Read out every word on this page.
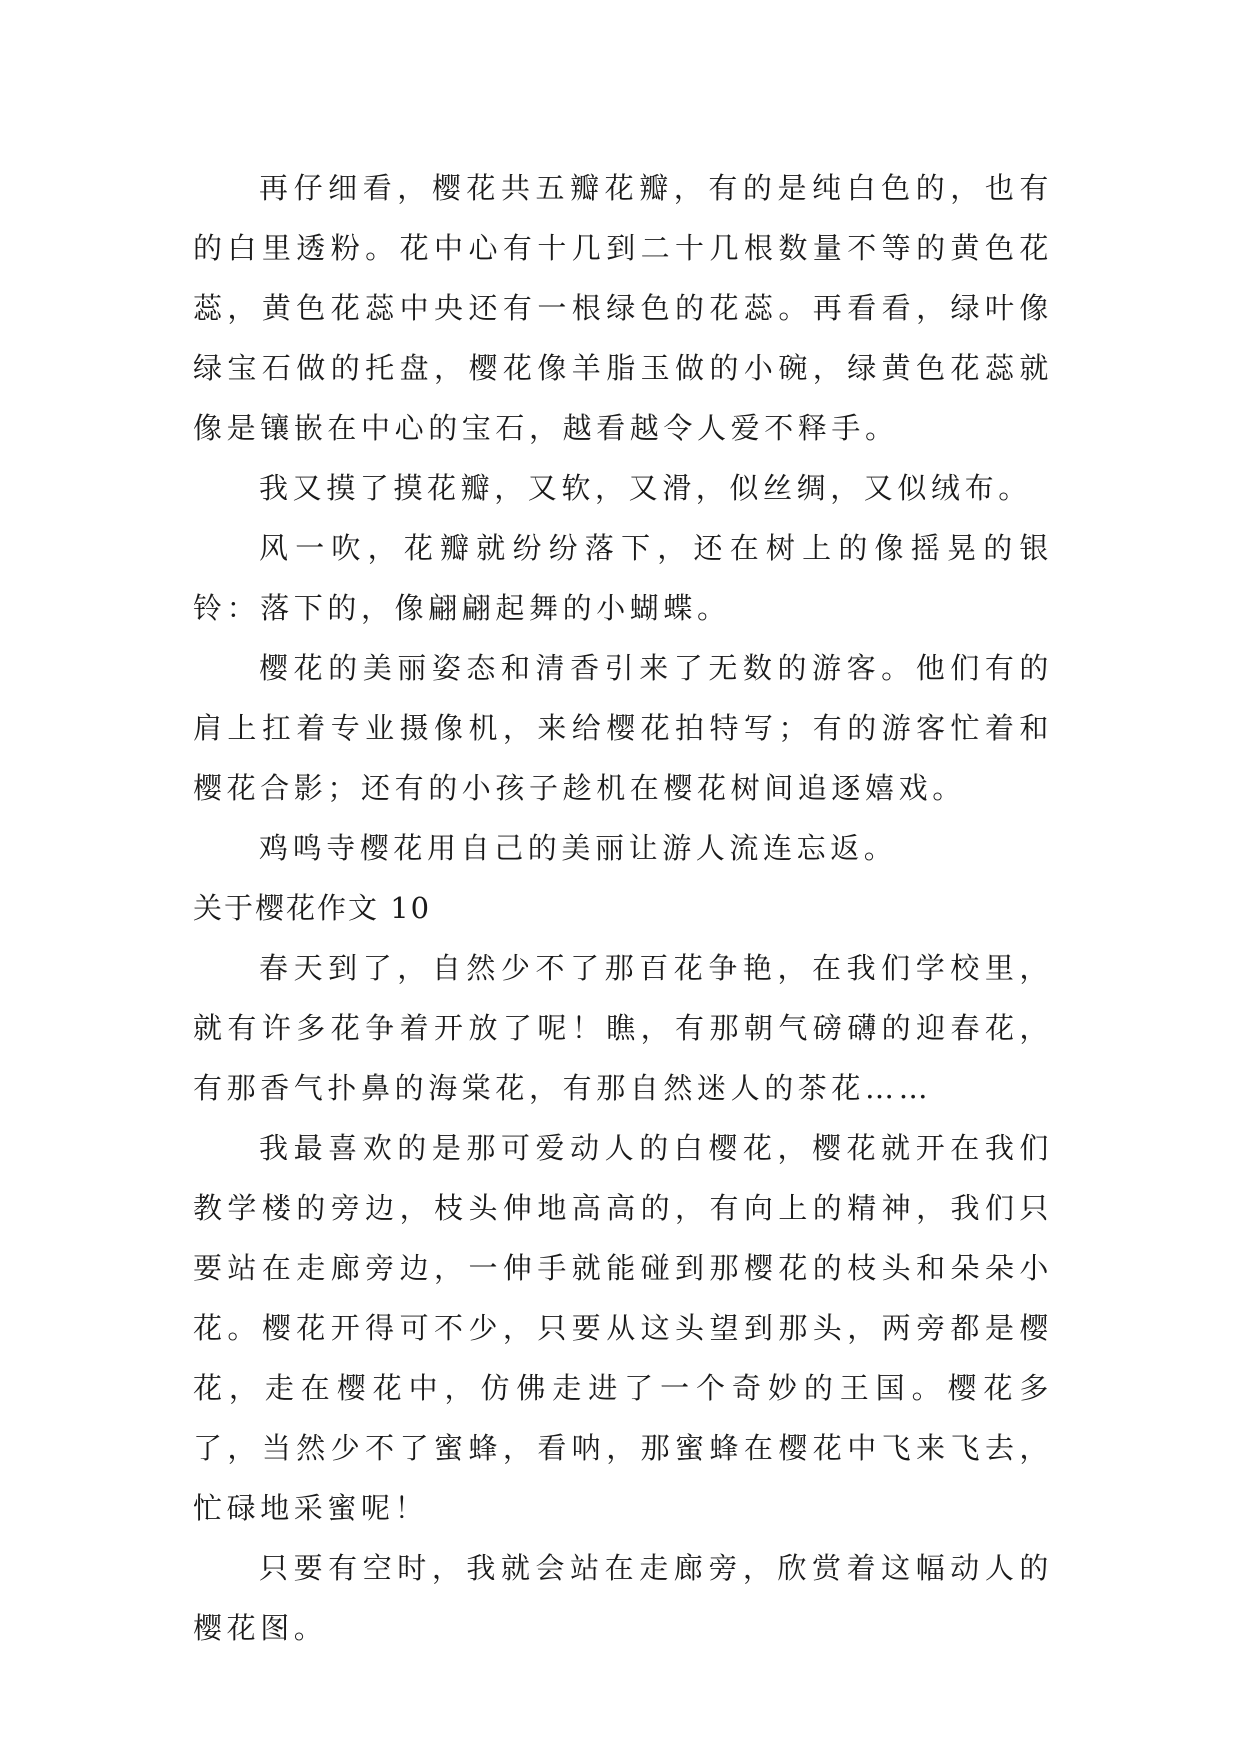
再仔细看，樱花共五瓣花瓣，有的是纯白色的，也有的白里透粉。花中心有十几到二十几根数量不等的黄色花蕊，黄色花蕊中央还有一根绿色的花蕊。再看看，绿叶像绿宝石做的托盘，樱花像羊脂玉做的小碗，绿黄色花蕊就像是镶嵌在中心的宝石，越看越令人爱不释手。

我又摸了摸花瓣，又软，又滑，似丝绸，又似绒布。

风一吹，花瓣就纷纷落下，还在树上的像摇晃的银铃：落下的，像翩翩起舞的小蝴蝶。

樱花的美丽姿态和清香引来了无数的游客。他们有的肩上扛着专业摄像机，来给樱花拍特写；有的游客忙着和樱花合影；还有的小孩子趁机在樱花树间追逐嬉戏。

鸡鸣寺樱花用自己的美丽让游人流连忘返。

关于樱花作文 10

春天到了，自然少不了那百花争艳，在我们学校里，就有许多花争着开放了呢！瞧，有那朝气磅礴的迎春花，有那香气扑鼻的海棠花，有那自然迷人的茶花……

我最喜欢的是那可爱动人的白樱花，樱花就开在我们教学楼的旁边，枝头伸地高高的，有向上的精神，我们只要站在走廊旁边，一伸手就能碰到那樱花的枝头和朵朵小花。樱花开得可不少，只要从这头望到那头，两旁都是樱花，走在樱花中，仿佛走进了一个奇妙的王国。樱花多了，当然少不了蜜蜂，看呐，那蜜蜂在樱花中飞来飞去，忙碌地采蜜呢！

只要有空时，我就会站在走廊旁，欣赏着这幅动人的樱花图。
